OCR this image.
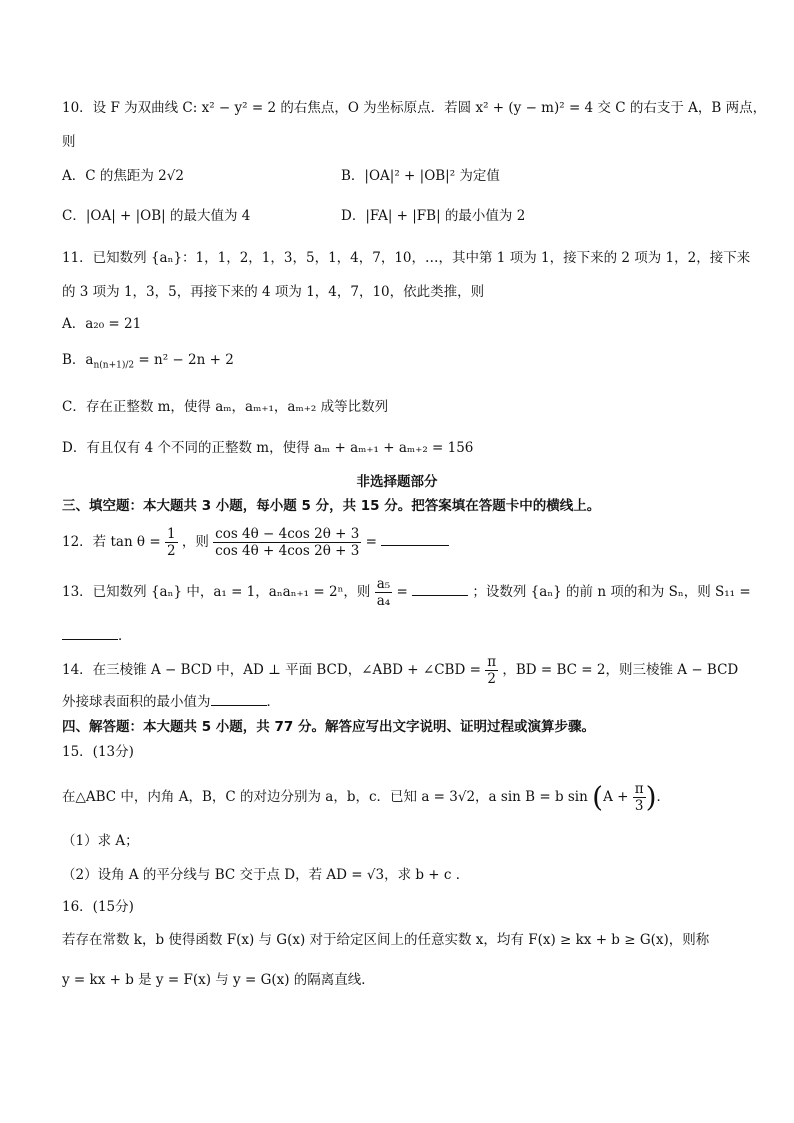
10．设 F 为双曲线 C: x² − y² = 2 的右焦点，O 为坐标原点．若圆 x² + (y − m)² = 4 交 C 的右支于 A，B 两点，
则
A．C 的焦距为 2√2	B．|OA|² + |OB|² 为定值
C．|OA| + |OB| 的最大值为 4	D．|FA| + |FB| 的最小值为 2
11．已知数列 {aₙ}：1，1，2，1，3，5，1，4，7，10，…，其中第 1 项为 1，接下来的 2 项为 1，2，接下来
的 3 项为 1，3，5，再接下来的 4 项为 1，4，7，10，依此类推，则
A．a₂₀ = 21
B．$a_{n(n+1)/2} = n^2 - 2n + 2$
C．存在正整数 m，使得 aₘ，aₘ₊₁，aₘ₊₂ 成等比数列
D．有且仅有 4 个不同的正整数 m，使得 aₘ + aₘ₊₁ + aₘ₊₂ = 156
非选择题部分
三、填空题：本大题共 3 小题，每小题 5 分，共 15 分。把答案填在答题卡中的横线上。
12．若 $\tan \theta = \frac{1}{2}$ ，则 $\frac{\cos 4\theta - 4\cos 2\theta + 3}{\cos 4\theta + 4\cos 2\theta + 3}$ =
13．已知数列 {aₙ} 中，a₁ = 1，aₙaₙ₊₁ = 2ⁿ，则 $\frac{\text{a₅}}{\text{a₄}}$ =	；设数列 {aₙ} 的前 n 项的和为 Sₙ，则 S₁₁ =
．
14．在三棱锥 A − BCD 中，AD ⊥ 平面 BCD，∠ABD + ∠CBD = $\frac{\pi}{2}$ ，BD = BC = 2，则三棱锥 A − BCD
外接球表面积的最小值为	．
四、解答题：本大题共 5 小题，共 77 分。解答应写出文字说明、证明过程或演算步骤。
15．(13分)
在△ABC 中，内角 A，B，C 的对边分别为 a，b，c．已知 a = 3√2，a sin B = b $\sin (A + \frac{\pi}{3}$ )．
（1）求 A；
（2）设角 A 的平分线与 BC 交于点 D，若 AD = √3，求 b + c ．
16．(15分)
若存在常数 k，b 使得函数 F(x) 与 G(x) 对于给定区间上的任意实数 x，均有 F(x) ≥ kx + b ≥ G(x)，则称
y = kx + b 是 y = F(x) 与 y = G(x) 的隔离直线．
